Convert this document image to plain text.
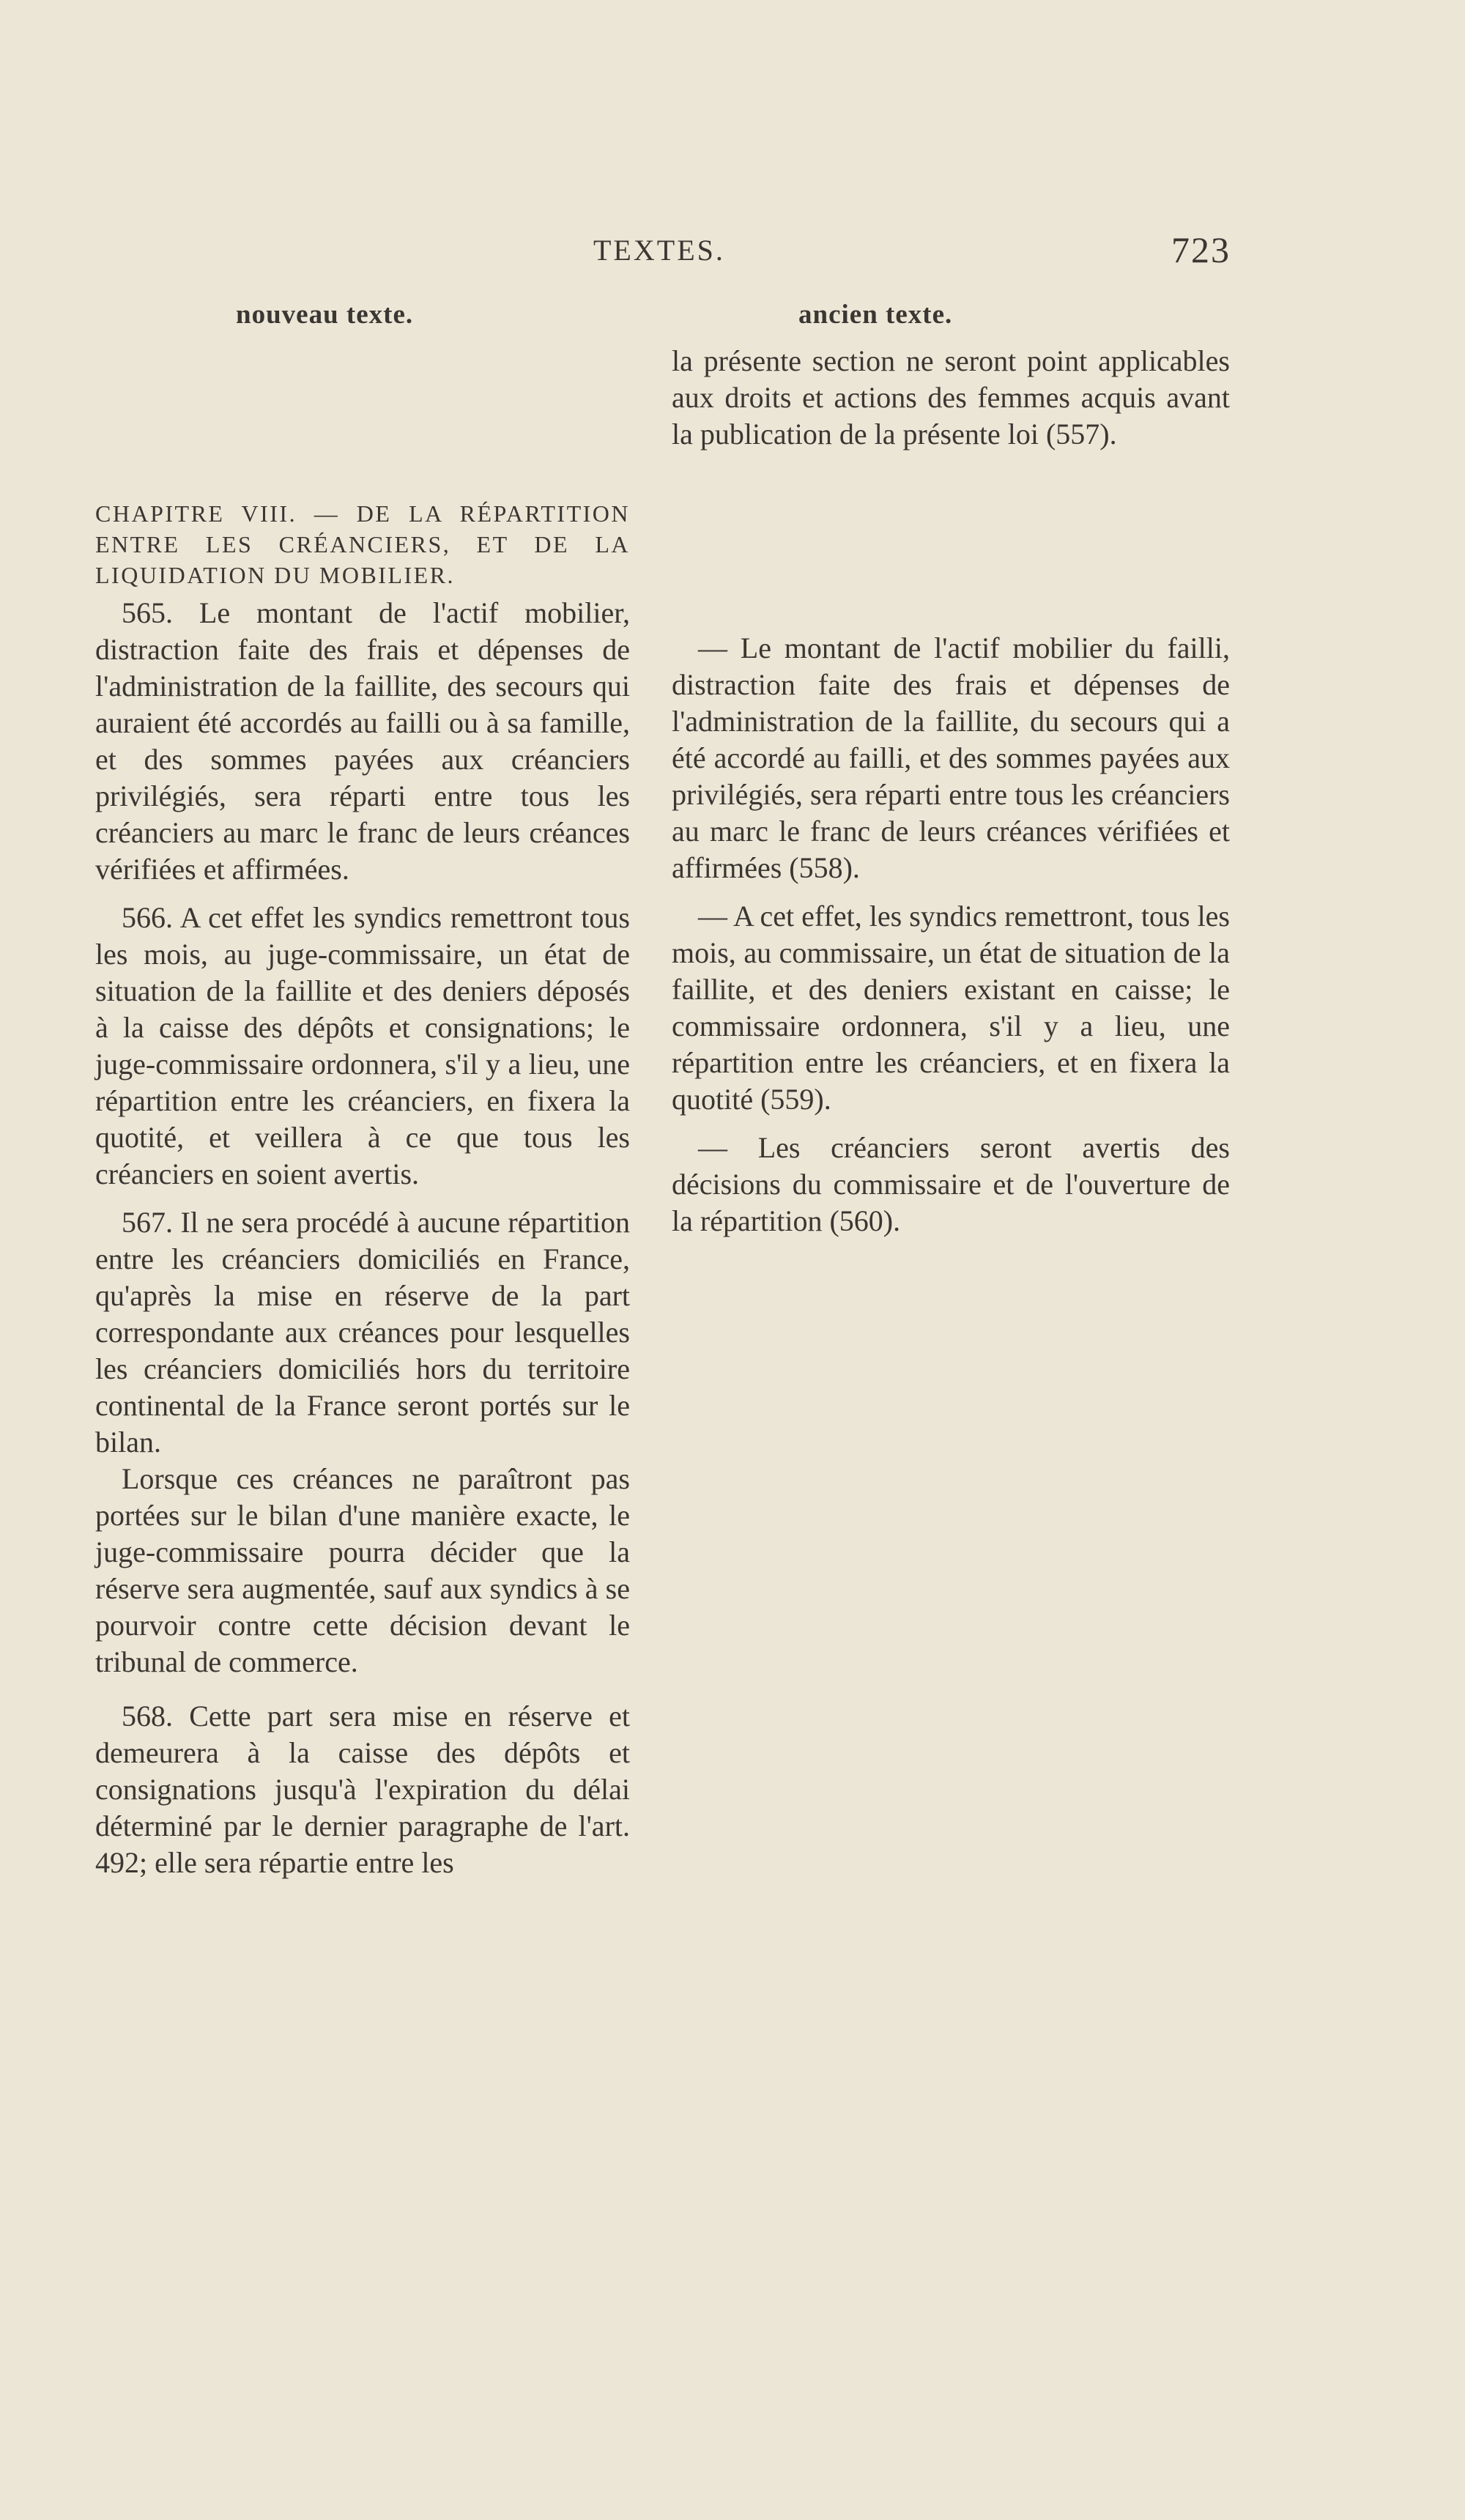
TEXTES.	723
nouveau texte.	ancien texte.

CHAPITRE VIII. — DE LA RÉPARTITION ENTRE LES CRÉANCIERS, ET DE LA LIQUIDATION DU MOBILIER.

565. Le montant de l'actif mobilier, distraction faite des frais et dépenses de l'administration de la faillite, des secours qui auraient été accordés au failli ou à sa famille, et des sommes payées aux créanciers privilégiés, sera réparti entre tous les créanciers au marc le franc de leurs créances vérifiées et affirmées.

566. A cet effet les syndics remettront tous les mois, au juge-commissaire, un état de situation de la faillite et des deniers déposés à la caisse des dépôts et consignations; le juge-commissaire ordonnera, s'il y a lieu, une répartition entre les créanciers, en fixera la quotité, et veillera à ce que tous les créanciers en soient avertis.

567. Il ne sera procédé à aucune répartition entre les créanciers domiciliés en France, qu'après la mise en réserve de la part correspondante aux créances pour lesquelles les créanciers domiciliés hors du territoire continental de la France seront portés sur le bilan.

Lorsque ces créances ne paraîtront pas portées sur le bilan d'une manière exacte, le juge-commissaire pourra décider que la réserve sera augmentée, sauf aux syndics à se pourvoir contre cette décision devant le tribunal de commerce.

568. Cette part sera mise en réserve et demeurera à la caisse des dépôts et consignations jusqu'à l'expiration du délai déterminé par le dernier paragraphe de l'art. 492; elle sera répartie entre les

la présente section ne seront point applicables aux droits et actions des femmes acquis avant la publication de la présente loi (557).

— Le montant de l'actif mobilier du failli, distraction faite des frais et dépenses de l'administration de la faillite, du secours qui a été accordé au failli, et des sommes payées aux privilégiés, sera réparti entre tous les créanciers au marc le franc de leurs créances vérifiées et affirmées (558).

— A cet effet, les syndics remettront, tous les mois, au commissaire, un état de situation de la faillite, et des deniers existant en caisse; le commissaire ordonnera, s'il y a lieu, une répartition entre les créanciers, et en fixera la quotité (559).

— Les créanciers seront avertis des décisions du commissaire et de l'ouverture de la répartition (560).
